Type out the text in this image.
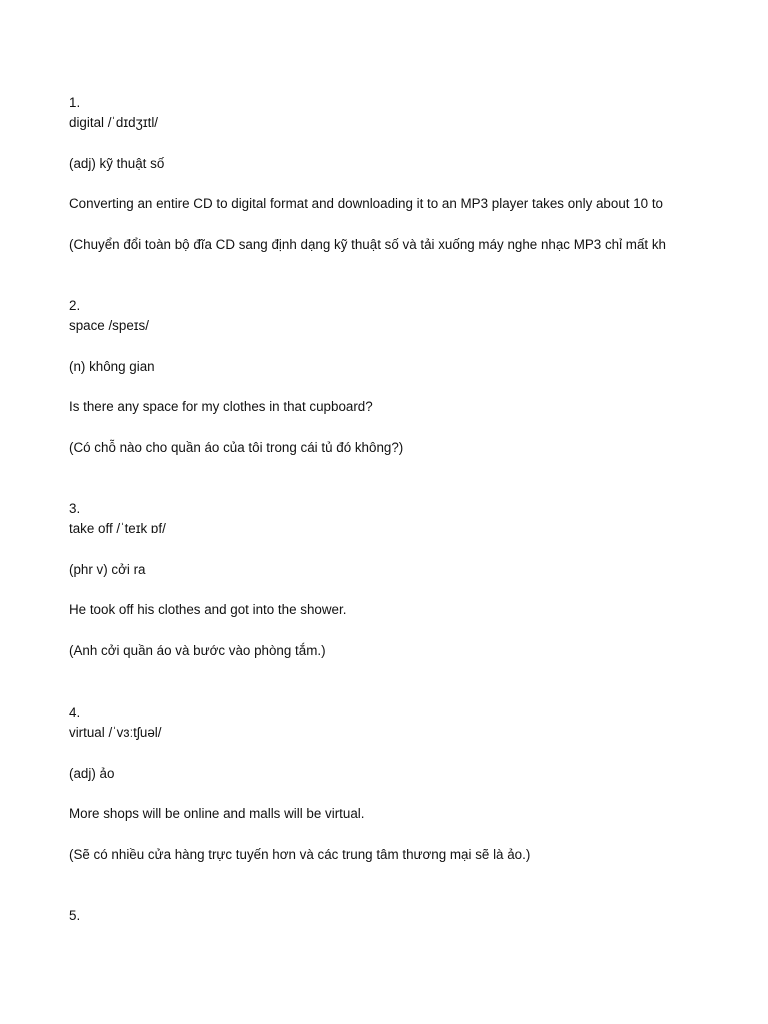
1.
digital /ˈdɪdʒɪtl/
(adj) kỹ thuật số
Converting an entire CD to digital format and downloading it to an MP3 player takes only about 10 to
(Chuyển đổi toàn bộ đĩa CD sang định dạng kỹ thuật số và tải xuống máy nghe nhạc MP3 chỉ mất kh
2.
space /speɪs/
(n) không gian
Is there any space for my clothes in that cupboard?
(Có chỗ nào cho quần áo của tôi trong cái tủ đó không?)
3.
take off /ˈteɪk ɒf/
(phr v) cởi ra
He took off his clothes and got into the shower.
(Anh cởi quần áo và bước vào phòng tắm.)
4.
virtual /ˈvɜːtʃuəl/
(adj) ảo
More shops will be online and malls will be virtual.
(Sẽ có nhiều cửa hàng trực tuyến hơn và các trung tâm thương mại sẽ là ảo.)
5.
